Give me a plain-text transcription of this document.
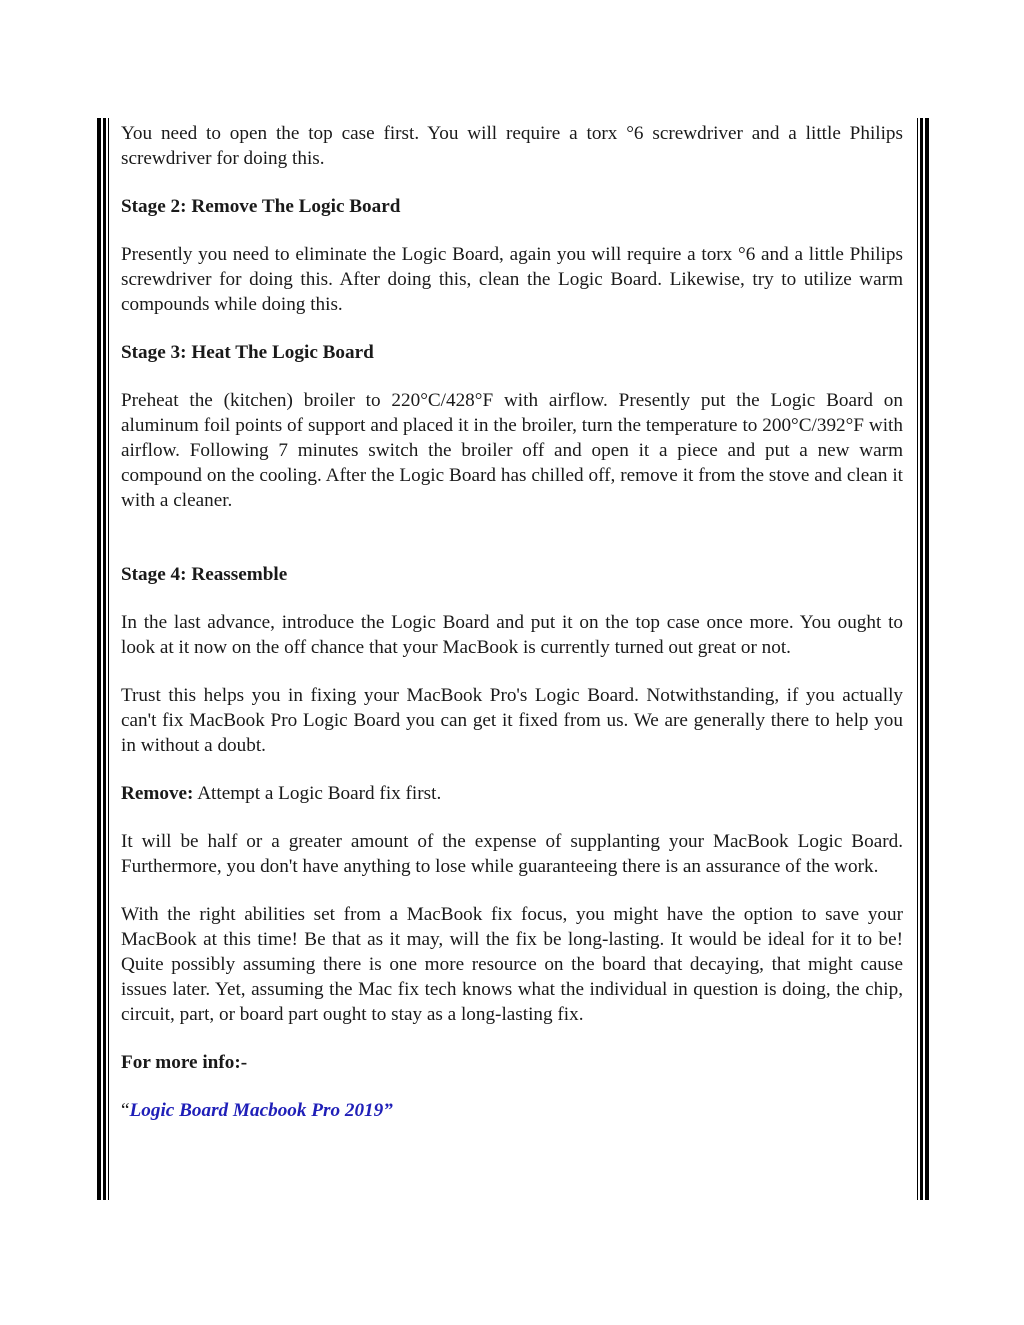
You need to open the top case first. You will require a torx °6 screwdriver and a little Philips screwdriver for doing this.

Stage 2: Remove The Logic Board

Presently you need to eliminate the Logic Board, again you will require a torx °6 and a little Philips screwdriver for doing this. After doing this, clean the Logic Board. Likewise, try to utilize warm compounds while doing this.

Stage 3: Heat The Logic Board

Preheat the (kitchen) broiler to 220°C/428°F with airflow. Presently put the Logic Board on aluminum foil points of support and placed it in the broiler, turn the temperature to 200°C/392°F with airflow. Following 7 minutes switch the broiler off and open it a piece and put a new warm compound on the cooling. After the Logic Board has chilled off, remove it from the stove and clean it with a cleaner.

Stage 4: Reassemble

In the last advance, introduce the Logic Board and put it on the top case once more. You ought to look at it now on the off chance that your MacBook is currently turned out great or not.

Trust this helps you in fixing your MacBook Pro's Logic Board. Notwithstanding, if you actually can't fix MacBook Pro Logic Board you can get it fixed from us. We are generally there to help you in without a doubt.

Remove: Attempt a Logic Board fix first.

It will be half or a greater amount of the expense of supplanting your MacBook Logic Board. Furthermore, you don't have anything to lose while guaranteeing there is an assurance of the work.

With the right abilities set from a MacBook fix focus, you might have the option to save your MacBook at this time! Be that as it may, will the fix be long-lasting. It would be ideal for it to be! Quite possibly assuming there is one more resource on the board that decaying, that might cause issues later. Yet, assuming the Mac fix tech knows what the individual in question is doing, the chip, circuit, part, or board part ought to stay as a long-lasting fix.

For more info:-

“Logic Board Macbook Pro 2019”
